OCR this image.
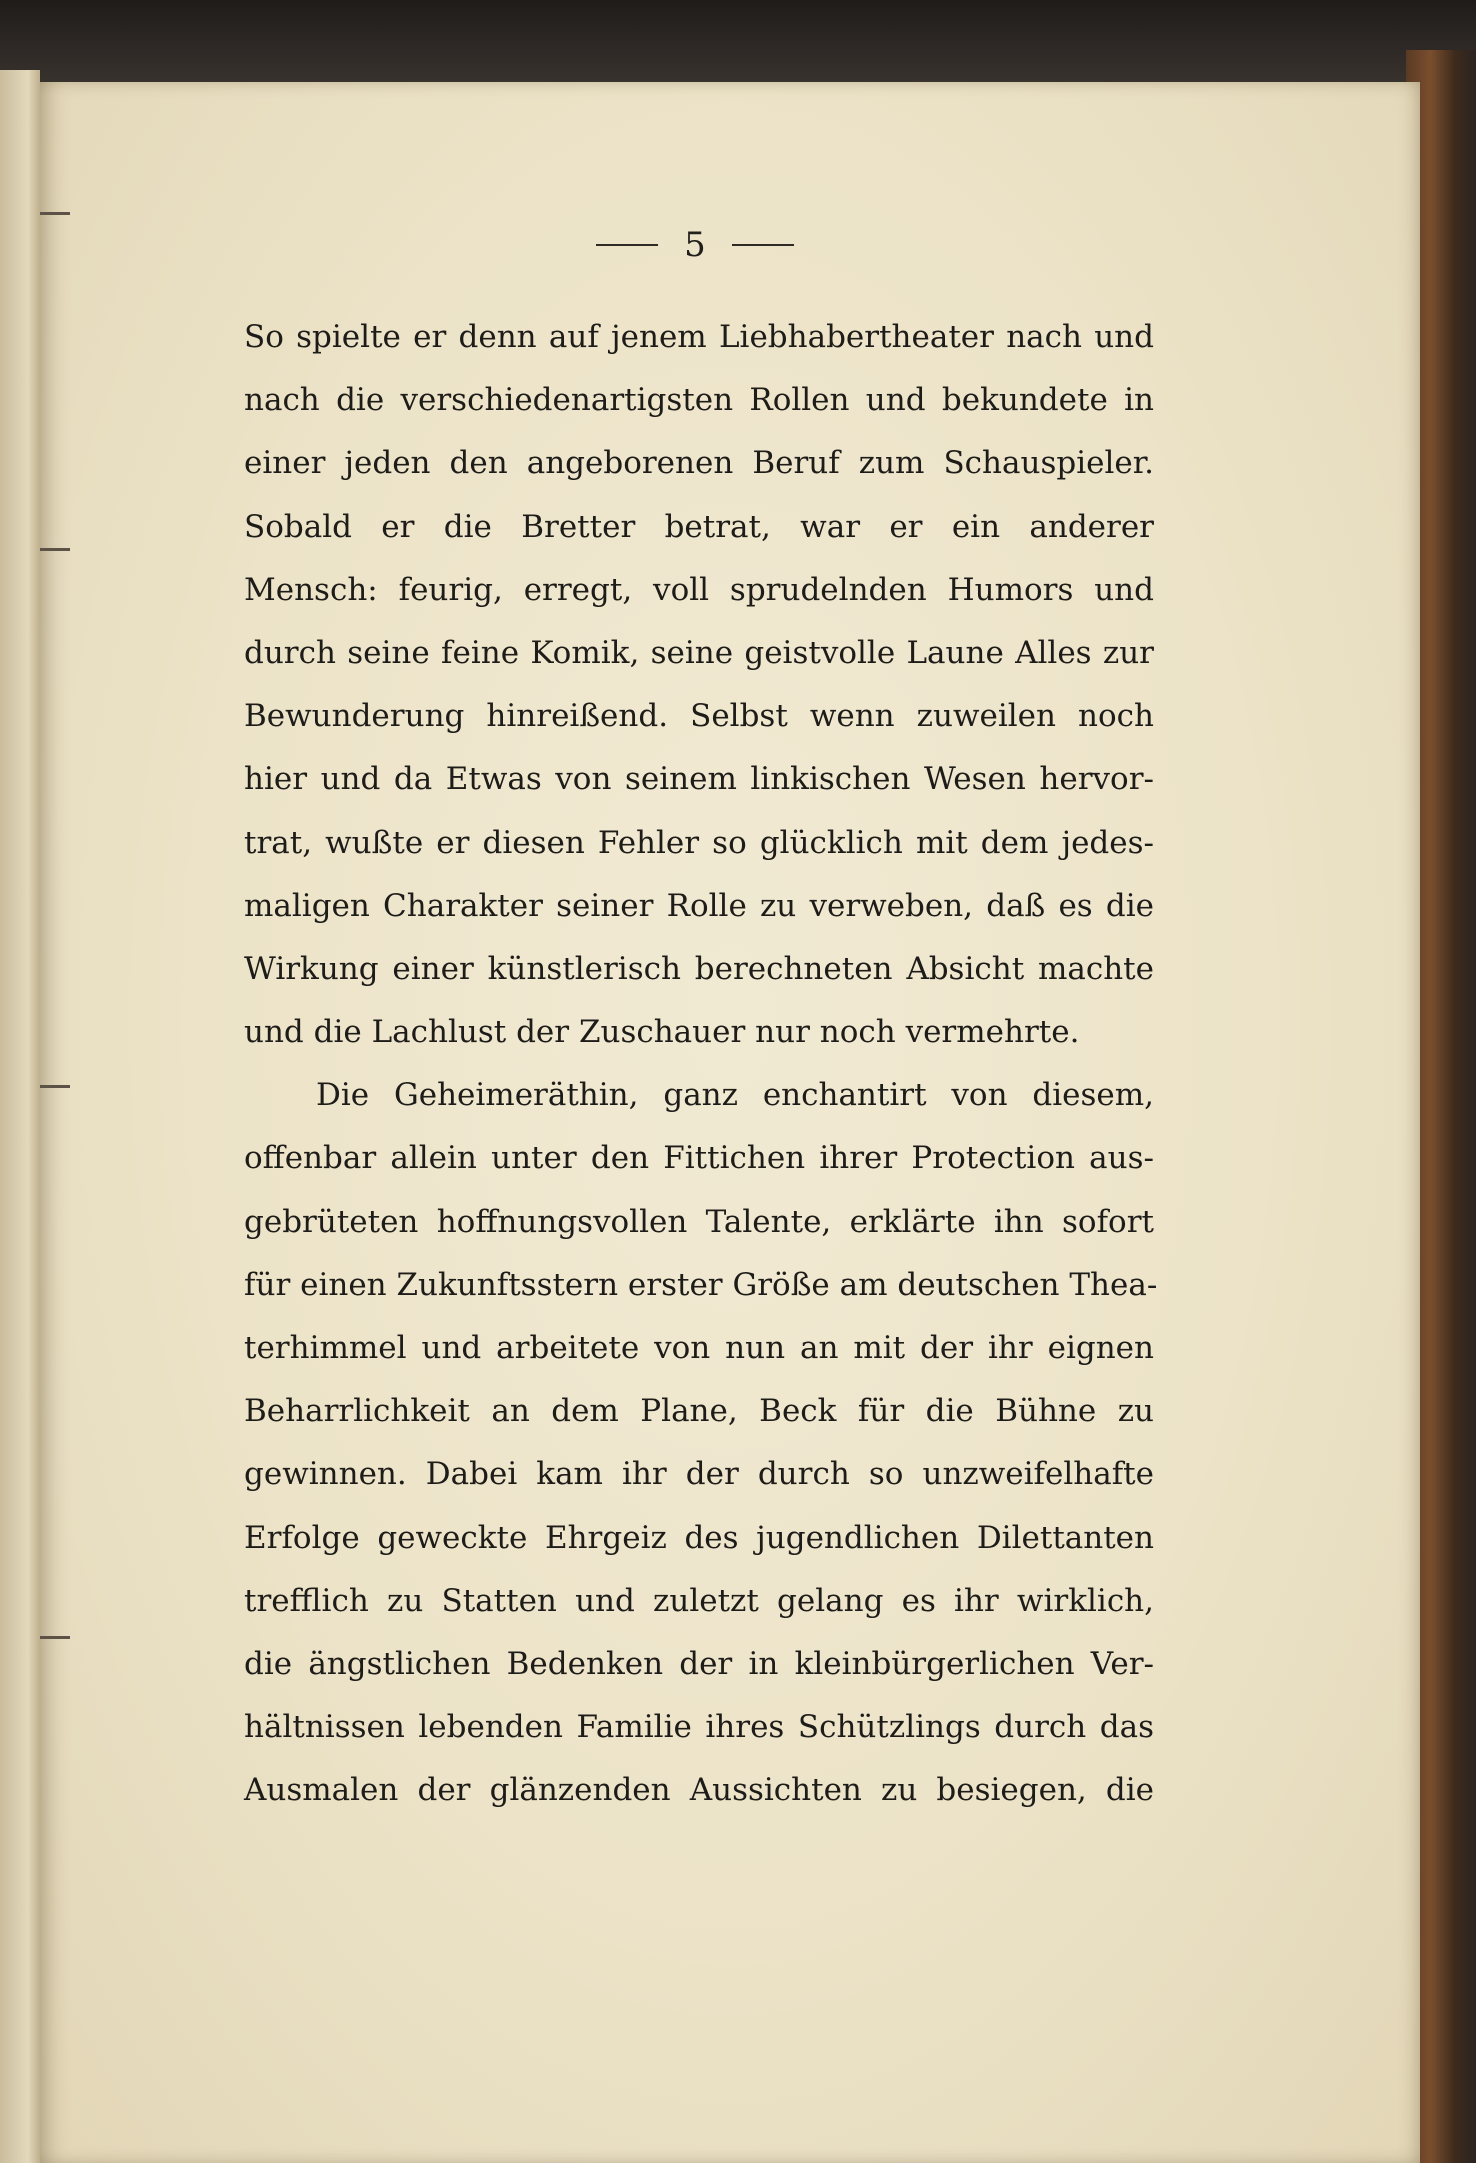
5
So spielte er denn auf jenem Liebhabertheater nach und
nach die verschiedenartigsten Rollen und bekundete in
einer jeden den angeborenen Beruf zum Schauspieler.
Sobald er die Bretter betrat, war er ein anderer
Mensch: feurig, erregt, voll sprudelnden Humors und
durch seine feine Komik, seine geistvolle Laune Alles zur
Bewunderung hinreißend. Selbst wenn zuweilen noch
hier und da Etwas von seinem linkischen Wesen hervor-
trat, wußte er diesen Fehler so glücklich mit dem jedes-
maligen Charakter seiner Rolle zu verweben, daß es die
Wirkung einer künstlerisch berechneten Absicht machte
und die Lachlust der Zuschauer nur noch vermehrte.
Die Geheimeräthin, ganz enchantirt von diesem,
offenbar allein unter den Fittichen ihrer Protection aus-
gebrüteten hoffnungsvollen Talente, erklärte ihn sofort
für einen Zukunftsstern erster Größe am deutschen Thea-
terhimmel und arbeitete von nun an mit der ihr eignen
Beharrlichkeit an dem Plane, Beck für die Bühne zu
gewinnen. Dabei kam ihr der durch so unzweifelhafte
Erfolge geweckte Ehrgeiz des jugendlichen Dilettanten
trefflich zu Statten und zuletzt gelang es ihr wirklich,
die ängstlichen Bedenken der in kleinbürgerlichen Ver-
hältnissen lebenden Familie ihres Schützlings durch das
Ausmalen der glänzenden Aussichten zu besiegen, die
